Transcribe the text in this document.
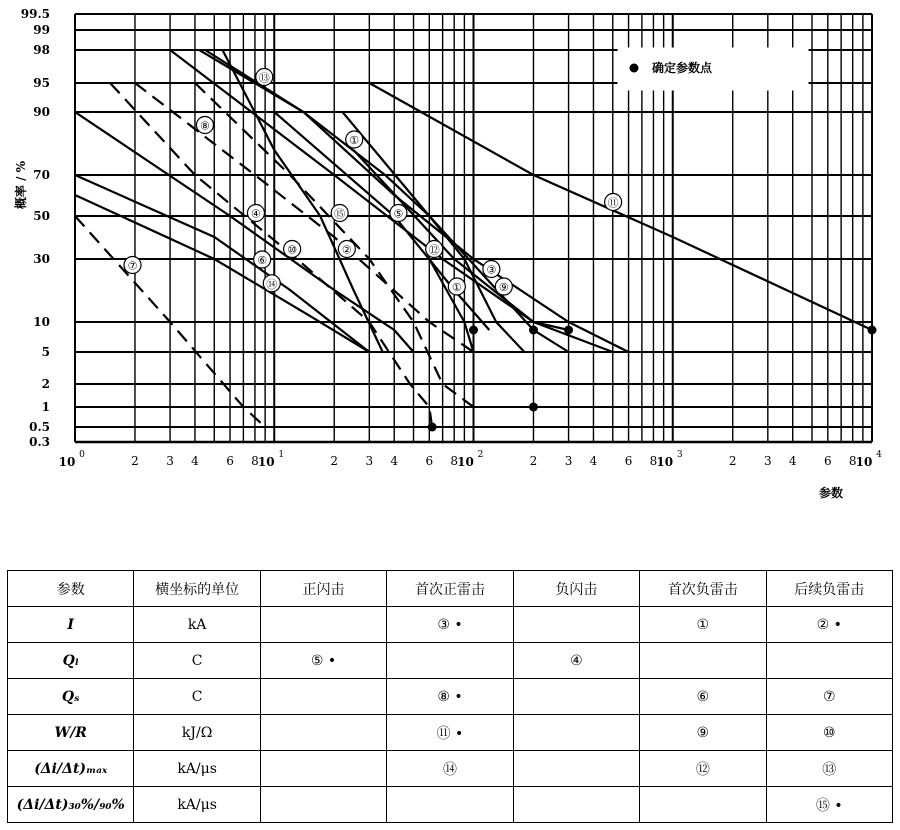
①
①
②
③
④	⑤
⑥
⑦
⑧
⑨
⑩
⑪
⑫
⑬
⑭
⑮
99.5
99
98
95
90
70
50
30
10
5
2
1
0.5
0.3
2 3 4 6 8	2 3 4 6 8	2 3 4 6 8	2 3 4 6 8
10 0	10 1	10 2	10 3	10 4
确定参数点
概率 / %
参数
参数	横坐标的单位	正闪击	首次正雷击	负闪击	首次负雷击	后续负雷击
I	kA		③ •		①	② •
Qₗ	C	⑤ •		④		
Qₛ	C		⑧ •		⑥	⑦
W/R	kJ/Ω		⑪ •		⑨	⑩
(Δi/Δt)ₘₐₓ	kA/μs		⑭		⑫	⑬
(Δi/Δt)₃₀%/₉₀%	kA/μs					⑮ •
